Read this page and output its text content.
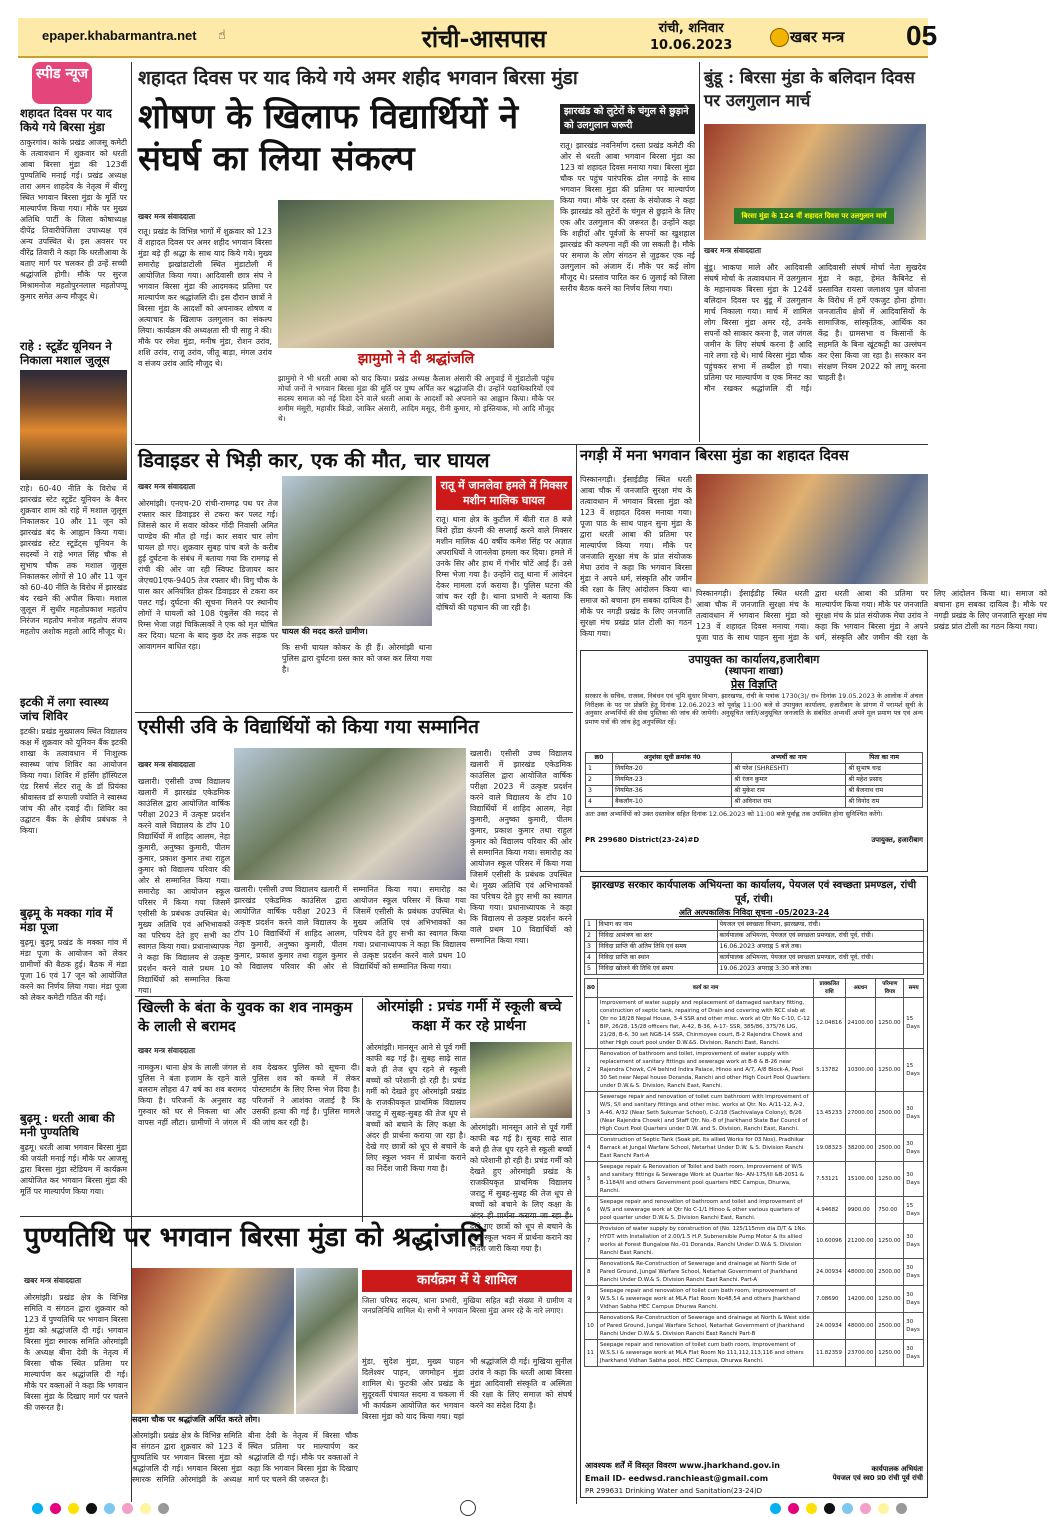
epaper.khabarmantra.net ☝	रांची-आसपास	रांची, शनिवार
10.06.2023	खबर मन्त्र 05
स्पीड न्यूज
शहादत दिवस पर याद किये गये बिरसा मुंडा
ठाकुरगांव। कांके प्रखंड आजसू कमेटी के तत्वावधान में शुक्रवार को धरती आबा बिरसा मुंडा की 123वीं पुण्यतिथि मनाई गई। प्रखंड अध्यक्ष तारा अमन शाहदेव के नेतृत्व में बीरगु स्थित भगवान बिरसा मुंडा के मूर्ति पर माल्यार्पण किया गया। मौके पर मुख्य अतिथि पार्टी के जिला कोषाध्यक्ष दीपेंद्र तिवारीपेजिला उपाध्यक्ष एवं अन्य उपस्थित थे। इस अवसर पर वीरेंद्र तिवारी ने कहा कि धरतीआबा के बताए मार्ग पर चलकर ही उन्हें सच्ची श्रद्धांजलि होगी। मौके पर सुरज मिश्रामनोज महतोपुरनलाल महतोपप्पू कुमार समेत अन्य मौजूद थे।
राहे : स्टूडेंट यूनियन ने निकाला मशाल जुलूस
राहे। 60-40 नीति के विरोध में झारखंड स्टेट स्टूडेंट यूनियन के बैनर शुक्रवार शाम को राहे में मशाल जुलूस निकालकर 10 और 11 जून को झारखंड बंद के आह्वान किया गया। झारखंड स्टेट स्टूडेंट्स यूनियन के सदस्यों ने राहे भगत सिंह चौक से सुभाष चौक तक मशाल जुलूस निकालकर लोगों से 10 और 11 जून को 60-40 नीति के विरोध में झारखंड बंद रखने की अपील किया। मशाल जुलूस में सुधीर महतोप्रकाश महतोप निरंजन महतोप मनोज महतोप संजय महतोप अशोक महतो आदि मौजूद थे।
इटकी में लगा स्वास्थ्य जांच शिविर
इटकी। प्रखंड मुख्यालय स्थित विद्यालय कक्ष में शुक्रवार को यूनियन बैंक इटकी शाखा के तत्वावधान में निःशुल्क स्वास्थ्य जांच शिविर का आयोजन किया गया। शिविर में हर्सिंग हॉस्पिटल एंड रिसर्च सेंटर रातू के डॉ प्रियंका श्रीवास्तव डॉ रूपाली ज्योति ने स्वास्थ्य जांच की और दवाई दी। शिविर का उद्घाटन बैंक के क्षेत्रीय प्रबंधक ने किया।
बुढ़मू के मक्का गांव में मंडा पूजा
बुढ़मू। बुढ़मू प्रखंड के मक्का गांव में मंडा पूजा के आयोजन को लेकर ग्रामीणों की बैठक हुई। बैठक में मंडा पूजा 16 एवं 17 जून को आयोजित करने का निर्णय लिया गया। मंडा पूजा को लेकर कमेटी गठित की गई।
बुढ़मू : धरती आबा की मनी पुण्यतिथि
बुढ़मू। धरती आबा भगवान बिरसा मुंडा की जयंती मनाई गई। मौके पर आजसू द्वारा बिरसा मुंडा स्टेडियम में कार्यक्रम आयोजित कर भगवान बिरसा मुंडा की मूर्ति पर माल्यार्पण किया गया।
शहादत दिवस पर याद किये गये अमर शहीद भगवान बिरसा मुंडा
शोषण के खिलाफ विद्यार्थियों ने संघर्ष का लिया संकल्प
झारखंड को लुटेरों के चंगुल से छुड़ाने को उलगुलान जरूरी
रातू। झारखंड नवनिर्माण दस्ता प्रखंड कमेटी की ओर से धरती आबा भगवान बिरसा मुंडा का 123 वां शहादत दिवस मनाया गया। बिरसा मुंडा चौक पर पहुंच पारंपरिक ढोल नगाड़े के साथ भगवान बिरसा मुंडा की प्रतिमा पर माल्यार्पण किया गया। मौके पर दस्ता के संयोजक ने कहा कि झारखंड को लुटेरों के चंगुल से छुड़ाने के लिए एक और उलगुलान की जरूरत है। उन्होंने कहा कि शहीदों और पूर्वजों के सपनों का खुशहाल झारखंड की कल्पना नहीं की जा सकती है। मौके पर समाज के लोग संगठन से जुड़कर एक नई उलगुलान को अंजाम दें। मौके पर कई लोग मौजूद थे। प्रस्ताव पारित कर 6 जुलाई को जिला स्तरीय बैठक करने का निर्णय लिया गया।
खबर मन्त्र संवाददाता
रातू। प्रखंड के विभिन्न भागों में शुक्रवार को 123 वें शहादत दिवस पर अमर शहीद भगवान बिरसा मुंडा बड़े ही श्रद्धा के साथ याद किये गये। मुख्य समारोह झखांडाटोली स्थित मुंडाटोली में आयोजित किया गया। आदिवासी छात्र संघ ने भगवान बिरसा मुंडा की आदमकद प्रतिमा पर माल्यार्पण कर श्रद्धांजलि दी। इस दौरान छात्रों ने बिरसा मुंडा के आदर्शों को अपनाकर शोषण व अत्याचार के खिलाफ उलगुलान का संकल्प लिया। कार्यक्रम की अध्यक्षता सी पी साहु ने की। मौके पर रमेश मुंडा, मनीष मुंडा, रोशन उरांव, शशि उरांव, राजू उरांव, जीतू बाड़ा, मंगल उरांव व संजय उरांव आदि मौजूद थे।	झामुमो ने दी श्रद्धांजलि
झामुमो ने भी धरती आबा को याद किया। प्रखंड अध्यक्ष कैलाश अंसारी की अगुवाई में मुंडाटोली पहुंच मोर्चा जनों ने भगवान बिरसा मुंडा की मूर्ति पर पुष्प अर्पित कर श्रद्धांजलि दी। उन्होंने पदाधिकारियों एवं सदस्य समाज को नई दिशा देने वाले धरती आबा के आदर्शों को अपनाने का आह्वान किया। मौके पर शमीम मंसूरी, महावीर किंडो, जाकिर अंसारी, आदिम मसूद, रीनी कुमार, मो इस्तियाक, मो आदि मौजूद थे।
बुंडू : बिरसा मुंडा के बलिदान दिवस पर उलगुलान मार्च
बिरसा मुंडा के 124 वीं शहादत दिवस पर उलगुलान मार्च
खबर मन्त्र संवाददाता
बुंडू। भाकपा माले और आदिवासी संघर्ष मोर्चा के तत्वावधान में उलगुलान के महानायक बिरसा मुंडा के 124वें बलिदान दिवस पर बुंडू में उलगुलान मार्च निकाला गया। मार्च में शामिल लोग बिरसा मुंडा अमर रहे, उनके सपनों को साकार करना है, जल जंगल जमीन के लिए संघर्ष करना है आदि नारे लगा रहे थे। मार्च बिरसा मुंडा चौक पहुंचकर सभा में तब्दील हो गया। प्रतिमा पर माल्यार्पण व एक मिनट का मौन रखकर श्रद्धांजलि दी गई। आदिवासी संघर्ष मोर्चा नेता सुखदेव मुंडा ने कहा, हेमंत कैबिनेट से प्रस्तावित रायसा जलाशय पुल योजना के विरोध में हमें एकजुट होना होगा। जनजातीय क्षेत्रों में आदिवासियों के सामाजिक, सांस्कृतिक, आर्थिक का केंद्र है। ग्रामसभा व किसानों के सहमति के बिना खूंटकट्टी का उल्लंघन कर ऐसा किया जा रहा है। सरकार वन संरक्षण नियम 2022 को लागू करना चाहती है।
डिवाइडर से भिड़ी कार, एक की मौत, चार घायल
खबर मन्त्र संवाददाता
ओरमांझी। एनएच-20 रांची-रामगढ़ पथ पर तेज रफ्तार कार डिवाइडर से टकरा कर पलट गई। जिससे कार में सवार कोकर गोंदी निवासी अमित पाण्डेय की मौत हो गई। कार सवार चार लोग घायल हो गए। शुक्रवार सुबह पांच बजे के करीब हुई दुर्घटना के संबंध में बताया गया कि रामगढ़ से रांची की ओर जा रही स्विफ्ट डिजायर कार जेएच01एफ-9405 तेज रफ्तार थी। विगु चौक के पास कार अनियंत्रित होकर डिवाइडर से टकरा कर पलट गई। दुर्घटना की सूचना मिलने पर स्थानीय लोगों ने घायलों को 108 एंबुलेंस की मदद से रिम्स भेजा जहां चिकित्सकों ने एक को मृत घोषित कर दिया। घटना के बाद कुछ देर तक सड़क पर आवागमन बाधित रहा।
घायल की मदद करते ग्रामीण।
कि सभी घायल कोकर के ही हैं। ओरमांझी थाना पुलिस द्वारा दुर्घटना ग्रस्त कार को जब्त कर लिया गया है।
रातू में जानलेवा हमले में मिक्सर मशीन मालिक घायल
रातू। थाना क्षेत्र के कुटील में बीती रात 8 बजे बिरो होंडा कंपनी की सप्लाई करने वाले मिक्सर मशीन मालिक 40 वर्षीय कमेश सिंह पर अज्ञात अपराधियों ने जानलेवा हमला कर दिया। हमले में उनके सिर और हाथ में गंभीर चोटें आई हैं। उसे रिम्स भेजा गया है। उन्होंने रातू थाना में आवेदन देकर मामला दर्ज कराया है। पुलिस घटना की जांच कर रही है। थाना प्रभारी ने बताया कि दोषियों की पहचान की जा रही है।
नगड़ी में मना भगवान बिरसा मुंडा का शहादत दिवस
पिस्कानगड़ी। ईसाईडीह स्थित धरती आबा चौक में जनजाति सुरक्षा मंच के तत्वावधान में भगवान बिरसा मुंडा को 123 वें शहादत दिवस मनाया गया। पूजा पाठ के साथ पाहन सुना मुंडा के द्वारा धरती आबा की प्रतिमा पर माल्यार्पण किया गया। मौके पर जनजाति सुरक्षा मंच के प्रांत संयोजक मेघा उरांव ने कहा कि भगवान बिरसा मुंडा ने अपने धर्म, संस्कृति और जमीन की रक्षा के लिए आंदोलन किया था। समाज को बचाना हम सबका दायित्व है। मौके पर नगड़ी प्रखंड के लिए जनजाति सुरक्षा मंच प्रखंड प्रांत टोली का गठन किया गया।
पिस्कानगड़ी। ईसाईडीह स्थित धरती आबा चौक में जनजाति सुरक्षा मंच के तत्वावधान में भगवान बिरसा मुंडा को 123 वें शहादत दिवस मनाया गया। पूजा पाठ के साथ पाहन सुना मुंडा के द्वारा धरती आबा की प्रतिमा पर माल्यार्पण किया गया। मौके पर जनजाति सुरक्षा मंच के प्रांत संयोजक मेघा उरांव ने कहा कि भगवान बिरसा मुंडा ने अपने धर्म, संस्कृति और जमीन की रक्षा के लिए आंदोलन किया था। समाज को बचाना हम सबका दायित्व है। मौके पर नगड़ी प्रखंड के लिए जनजाति सुरक्षा मंच प्रखंड प्रांत टोली का गठन किया गया।
उपायुक्त का कार्यालय,हजारीबाग
(स्थापना शाखा)
प्रेस विज्ञप्ति
सरकार के सचिव, राजस्व, निबंधन एवं भूमि सुधार विभाग, झारखण्ड, रांची के पत्रांक 1730(3)/ रा० दिनांक 19.05.2023 के आलोक में अंचल निरीक्षक के पद पर प्रोन्नति हेतु दिनांक 12.06.2023 को पूर्वाह्न 11:00 बजे से उपायुक्त कार्यालय, हजारीबाग के प्रांगण में परामर्श सूची के अनुसार अभ्यर्थियों की सेवा पुस्तिका की जांच की जायेगी। अनुसूचित जाति/अनुसूचित जनजाति के संबंधित अभ्यर्थी अपने मूल प्रमाण पत्र एवं अन्य प्रमाण पत्रों की जांच हेतु अनुपस्थित रहें।
क्र0	अनुशंसा सूची क्रमांक नं0	अभ्यर्थी का नाम	पिता का नाम
1	नियमित-20	श्री परेश (SHRESHT)	श्री सुभाष चन्द्र
2	नियमित-23	श्री रंजन कुमार	श्री महेश प्रसाद
3	नियमित-36	श्री मुकेश राम	श्री बैजनाथ राम
4	बैकलॉग-10	श्री अविनाश राम	श्री विनोद राम
अतः उक्त अभ्यर्थियों को उक्त दस्तावेज सहित दिनांक 12.06.2023 को 11:00 बजे पूर्वाह्न तक उपस्थित होना सुनिश्चित करेंगे।
PR 299680 District(23-24)#D	उपायुक्त, हजारीबाग
एसीसी उवि के विद्यार्थियों को किया गया सम्मानित
खबर मन्त्र संवाददाता
खलारी। एसीसी उच्च विद्यालय खलारी में झारखंड एकेडमिक काउंसिल द्वारा आयोजित वार्षिक परीक्षा 2023 में उत्कृष्ट प्रदर्शन करने वाले विद्यालय के टॉप 10 विद्यार्थियों में शाहिद आलम, नेहा कुमारी, अनुष्का कुमारी, पीतम कुमार, प्रकाश कुमार तथा राहुल कुमार को विद्यालय परिवार की ओर से सम्मानित किया गया। समारोह का आयोजन स्कूल परिसर में किया गया जिसमें एसीसी के प्रबंधक उपस्थित थे। मुख्य अतिथि एवं अभिभावकों का परिचय देते हुए सभी का स्वागत किया गया। प्रधानाध्यापक ने कहा कि विद्यालय से उत्कृष्ट प्रदर्शन करने वाले प्रथम 10 विद्यार्थियों को सम्मानित किया गया।
खलारी। एसीसी उच्च विद्यालय खलारी में झारखंड एकेडमिक काउंसिल द्वारा आयोजित वार्षिक परीक्षा 2023 में उत्कृष्ट प्रदर्शन करने वाले विद्यालय के टॉप 10 विद्यार्थियों में शाहिद आलम, नेहा कुमारी, अनुष्का कुमारी, पीतम कुमार, प्रकाश कुमार तथा राहुल कुमार को विद्यालय परिवार की ओर से सम्मानित किया गया। समारोह का आयोजन स्कूल परिसर में किया गया जिसमें एसीसी के प्रबंधक उपस्थित थे। मुख्य अतिथि एवं अभिभावकों का परिचय देते हुए सभी का स्वागत किया गया। प्रधानाध्यापक ने कहा कि विद्यालय से उत्कृष्ट प्रदर्शन करने वाले प्रथम 10 विद्यार्थियों को सम्मानित किया गया।
खलारी। एसीसी उच्च विद्यालय खलारी में झारखंड एकेडमिक काउंसिल द्वारा आयोजित वार्षिक परीक्षा 2023 में उत्कृष्ट प्रदर्शन करने वाले विद्यालय के टॉप 10 विद्यार्थियों में शाहिद आलम, नेहा कुमारी, अनुष्का कुमारी, पीतम कुमार, प्रकाश कुमार तथा राहुल कुमार को विद्यालय परिवार की ओर से सम्मानित किया गया। समारोह का आयोजन स्कूल परिसर में किया गया जिसमें एसीसी के प्रबंधक उपस्थित थे। मुख्य अतिथि एवं अभिभावकों का परिचय देते हुए सभी का स्वागत किया गया। प्रधानाध्यापक ने कहा कि विद्यालय से उत्कृष्ट प्रदर्शन करने वाले प्रथम 10 विद्यार्थियों को सम्मानित किया गया।
खिल्ली के बंता के युवक का शव नामकुम के लाली से बरामद
खबर मन्त्र संवाददाता
नामकुम। थाना क्षेत्र के लाली जंगल से पुलिस ने बंता हजाम के रहने वाले बलराम लोहरा 47 वर्ष का शव बरामद किया है। परिजनों के अनुसार वह गुरुवार को घर से निकला था और वापस नहीं लौटा। ग्रामीणों ने जंगल में शव देखकर पुलिस को सूचना दी। पुलिस शव को कब्जे में लेकर पोस्टमार्टम के लिए रिम्स भेज दिया है। परिजनों ने आशंका जताई है कि उसकी हत्या की गई है। पुलिस मामले की जांच कर रही है।
ओरमांझी : प्रचंड गर्मी में स्कूली बच्चे कक्षा में कर रहे प्रार्थना
ओरमांझी। मानसून आने से पूर्व गर्मी काफी बढ़ गई है। सुबह साढ़े सात बजे ही तेज धूप रहने से स्कूली बच्चों को परेशानी हो रही है। प्रचंड गर्मी को देखते हुए ओरमांझी प्रखंड के राजकीयकृत प्राथमिक विद्यालय जराटु में सुबह-सुबह की तेज धूप से बच्चों को बचाने के लिए कक्षा के अंदर ही प्रार्थना कराया जा रहा है। देखे गए छात्रों को धूप से बचाने के लिए स्कूल भवन में प्रार्थना कराने का निर्देश जारी किया गया है।
ओरमांझी। मानसून आने से पूर्व गर्मी काफी बढ़ गई है। सुबह साढ़े सात बजे ही तेज धूप रहने से स्कूली बच्चों को परेशानी हो रही है। प्रचंड गर्मी को देखते हुए ओरमांझी प्रखंड के राजकीयकृत प्राथमिक विद्यालय जराटु में सुबह-सुबह की तेज धूप से बच्चों को बचाने के लिए कक्षा के देखे गए छात्रों को धूप से बचाने के लिए स्कूल भवन में प्रार्थना कराने का निर्देश जारी किया गया है।
पुण्यतिथि पर भगवान बिरसा मुंडा को श्रद्धांजलि
खबर मन्त्र संवाददाता
ओरमांझी। प्रखंड क्षेत्र के विभिन्न समिति व संगठन द्वारा शुक्रवार को 123 वें पुण्यतिथि पर भगवान बिरसा मुंडा को श्रद्धांजलि दी गई। भगवान बिरसा मुंडा स्मारक समिति ओरमांझी के अध्यक्ष बीना देवी के नेतृत्व में बिरसा चौक स्थित प्रतिमा पर माल्यार्पण कर श्रद्धांजलि दी गई। मौके पर वक्ताओं ने कहा कि भगवान बिरसा मुंडा के दिखाए मार्ग पर चलने की जरूरत है।
सदमा चौक पर श्रद्धांजलि अर्पित करते लोग।
ओरमांझी। प्रखंड क्षेत्र के विभिन्न समिति व संगठन द्वारा शुक्रवार को 123 वें पुण्यतिथि पर भगवान बिरसा मुंडा को श्रद्धांजलि दी गई। भगवान बिरसा मुंडा स्मारक समिति ओरमांझी के अध्यक्ष बीना देवी के नेतृत्व में बिरसा चौक स्थित प्रतिमा पर माल्यार्पण कर श्रद्धांजलि दी गई। मौके पर वक्ताओं ने कहा कि भगवान बिरसा मुंडा के दिखाए मार्ग पर चलने की जरूरत है।
कार्यक्रम में ये शामिल
जिला परिषद सदस्य, थाना प्रभारी, मुखिया सहित बड़ी संख्या में ग्रामीण व जनप्रतिनिधि शामिल थे। सभी ने भगवान बिरसा मुंडा अमर रहे के नारे लगाए।
मुंडा, सुदेश मुंडा, मुख्य पाहन दिलेश्वर पाहन, जगमोहन मुंडा शामिल थे। फुटकी ओर प्रखंड के सुदूरवर्ती पंचायत सदमा व चकला में भी कार्यक्रम आयोजित कर भगवान बिरसा मुंडा को याद किया गया। यहां भी श्रद्धांजलि दी गई। मुखिया सुनील उरांव ने कहा कि धरती आबा बिरसा मुंडा आदिवासी संस्कृति व अस्मिता की रक्षा के लिए समाज को संघर्ष करने का संदेश दिया है।
झारखण्ड सरकार कार्यपालक अभियन्ता का कार्यालय, पेयजल एवं स्वच्छता प्रमण्डल, रांची पूर्व, रांची।
अति अल्पकालिक निविदा सूचना -05/2023-24
1	विभाग का नाम	पेयजल एवं स्वच्छता विभाग, झारखण्ड, रांची।
2	निविदा आमंत्रण का स्तर	कार्यपालक अभियन्ता, पेयजल एवं स्वच्छता प्रमण्डल, रांची पूर्व, रांची।
3	निविदा प्राप्ति की अंतिम तिथि एवं समय	16.06.2023 अपराह्न 5 बजे तक।
4	निविदा प्राप्ति का स्थान	कार्यपालक अभियन्ता, पेयजल एवं स्वच्छता प्रमण्डल, रांची पूर्व, रांची।
5	निविदा खोलने की तिथि एवं समय	19.06.2023 अपराह्न 3:30 बजे तक।
क्र0	कार्य का नाम	प्राक्कलित राशि	अग्रधन	परिमाण विपत्र	समय
1	Improvement of water supply and replacement of damaged sanitary fitting, construction of septic tank, repairing of Drain and covering with RCC slab at Qtr no 18/28 Nepal House, 3-4 SSR and other misc. work at Qtr No C-10, C-12 BIP, 26/28, 15/28 officers flat, A-42, B-36, A-17- SSR, 385/86, 375/76 LIG, 21/28, B-6, 30 set NGB-14 SSR, Chinmoyee court, B-2 Rajendra Chowk and other High court pool under D.W.&S. Division, Ranchi East, Ranchi.	12.04816	24100.00	1250.00	15 Days
2	Renovation of bathroom and toilet, improvement of water supply with replacement of sanitary fittings and sewerage work at B-8 & B-26 near Rajendra Chowk, C/4 behind Indira Palace, Hinoo and A/7, A/8 Block-A, Pool 30 Set near Nepal house Doranda, Ranchi and other High Court Pool Quarters under D.W.& S. Division, Ranchi East, Ranchi.	5.13782	10300.00	1250.00	15 Days
3	Sewerage repair and renovation of toilet cum bathroom with improvement of W/S, S/I and sanitary fittings and other misc. works at Qtr. No. A/11-12, A-2, A-46, A/32 (Near Seth Sukumar School), C-2/18 (Sachivalaya Colony), B/26 (Near Rajendra Chowk) and Staff Qtr. No.-8 of Jharkhand State Bar Council of High Court Pool Quarters under D.W. and S. Division, Ranchi East, Ranchi.	13.45233	27000.00	2500.00	30 Days
4	Construction of Septic Tank (Soak pit, Its allied Works for 03 Nos), Pradhikar Barrack at Jungal Warfare School, Netarhat Under D.W. & S. Division Ranchi East Ranchi Part-A	19.08323	38200.00	2500.00	30 Days
5	Seepage repair & Renovation of Toilet and bath room, Improvement of W/S and sanitary fittings & Sewerage Work at Quarter No- AN-175/III &B-2051 & B-1184/II and others Government pool quarters HEC Campus, Dhurwa, Ranchi.	7.53121	15100.00	1250.00	30 Days
6	Seepage repair and renovation of bathroom and toilet and improvement of W/S and sewerage work at Qtr No C-1/1 Hinoo & other various quarters of pool quarter under D.W.& S. Division Ranchi East, Ranchi.	4.94682	9900.00	750.00	15 Days
7	Provision of water supply by construction of (No. 125/115mm dia D/T & 1No. HYDT with Installation of 2.00/1.5 H.P. Submersible Pump Motor & Its allied works at Forest Bungalow No.-01 Doranda, Ranchi Under D.W.& S. Division Ranchi East Ranchi.	10.60096	21200.00	1250.00	30 Days
8	Renovation& Re-Construction of Sewerage and drainage at North Side of Pared Ground, Jungal Warfare School, Netarhat Government of Jharkhand Ranchi Under D.W.& S. Division Ranchi East Ranchi. Part-A	24.00934	48000.00	2500.00	30 Days
9	Seepage repair and renovation of toilet cum bath room, improvement of W.S.S.I & sewerage work at MLA Flat Room No48,54 and others Jharkhand Vidhan Sabha HEC Campus Dhurwa Ranchi.	7.08690	14200.00	1250.00	30 Days
10	Renovation& Re-Construction of Sewerage and drainage at North & West side of Pared Ground, Jungal Warfare School, Netarhat Government of Jharkhand Ranchi Under D.W.& S. Division Ranchi East Ranchi Part-B	24.00934	48000.00	2500.00	30 Days
11	Seepage repair and renovation of toilet cum bath room, improvement of W.S.S.I & sewerage work at MLA Flat Room No 111,112,113,116 and others Jharkhand Vidhan Sabha pool, HEC Campus, Dhurwa Ranchi.	11.82359	23700.00	1250.00	30 Days
आवश्यक शर्तें में विस्तृत विवरण www.jharkhand.gov.in
Email ID- eedwsd.ranchieast@gmail.com
कार्यपालक अभियंता
पेयजल एवं स्व0 प्र0 रांची पूर्व रांची
PR 299631 Drinking Water and Sanitation(23-24)D
